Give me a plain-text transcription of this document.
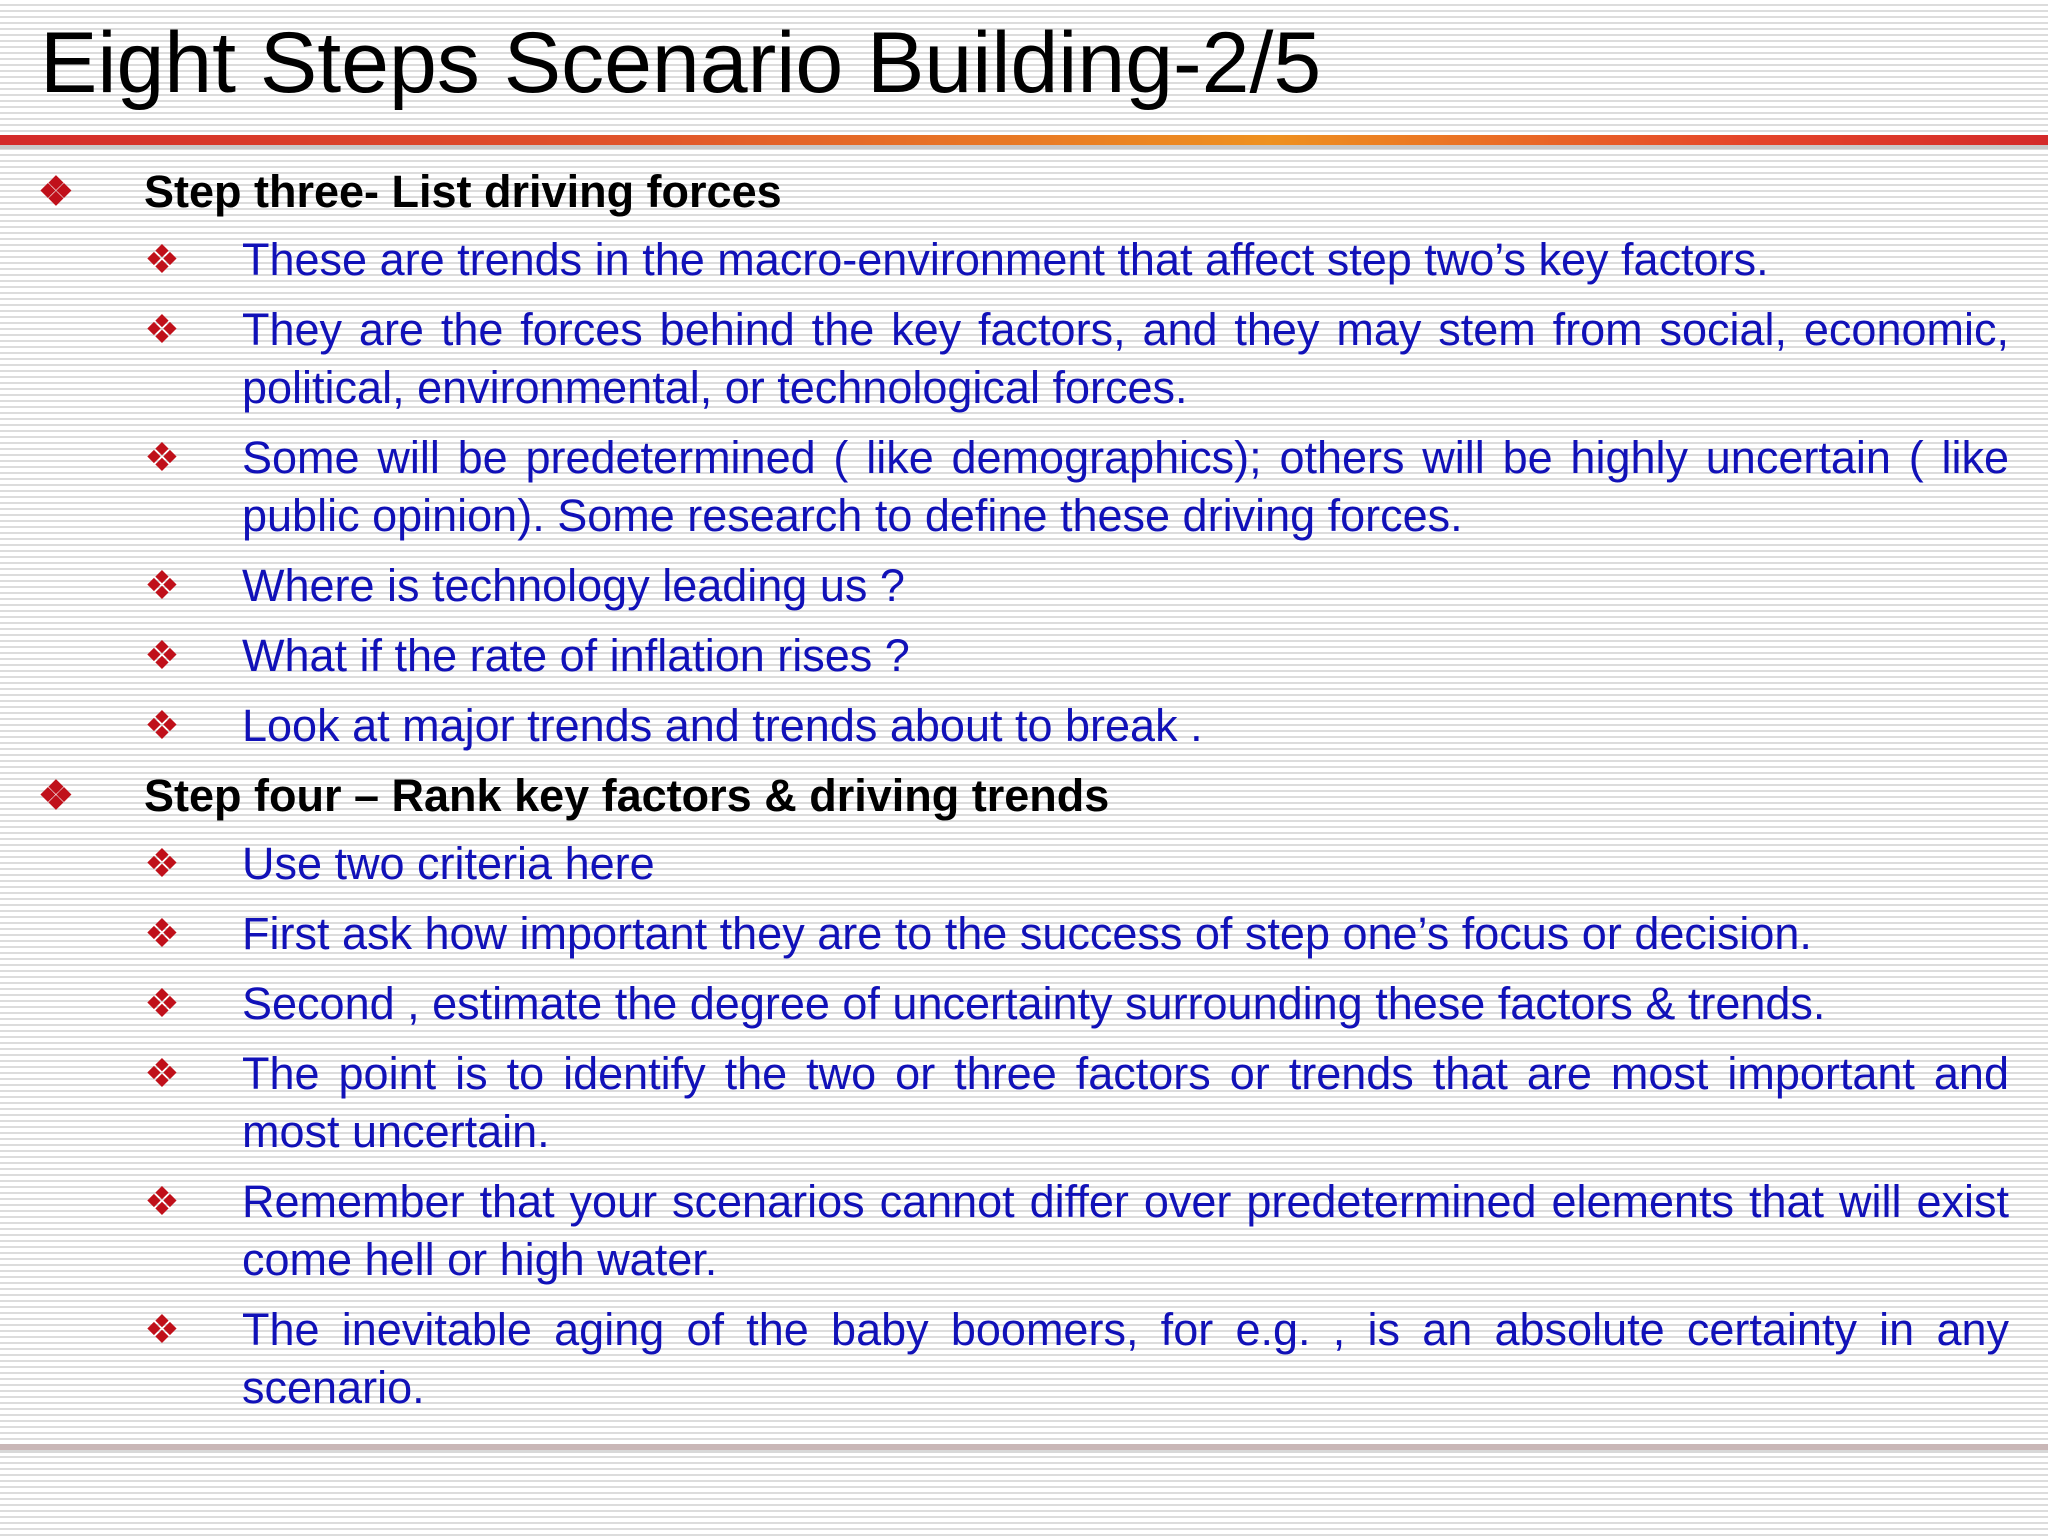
Eight Steps Scenario Building-2/5
❖ Step three- List driving forces
❖ These are trends in the macro-environment that affect step two’s key factors.
❖ They are the forces behind the key factors, and they may stem from social, economic, political, environmental, or technological forces.
❖ Some will be predetermined ( like demographics); others will be highly uncertain ( like public opinion). Some research to define these driving forces.
❖ Where is technology leading us ?
❖ What if the rate of inflation rises ?
❖ Look at major trends and trends about to break .
❖ Step four – Rank key factors & driving trends
❖ Use two criteria here
❖ First ask how important they are to the success of step one’s focus or decision.
❖ Second , estimate the degree of uncertainty surrounding these factors & trends.
❖ The point is to identify the two or three factors or trends that are most important and most uncertain.
❖ Remember that your scenarios cannot differ over predetermined elements that will exist come hell or high water.
❖ The inevitable aging of the baby boomers, for e.g. , is an absolute certainty in any scenario.
